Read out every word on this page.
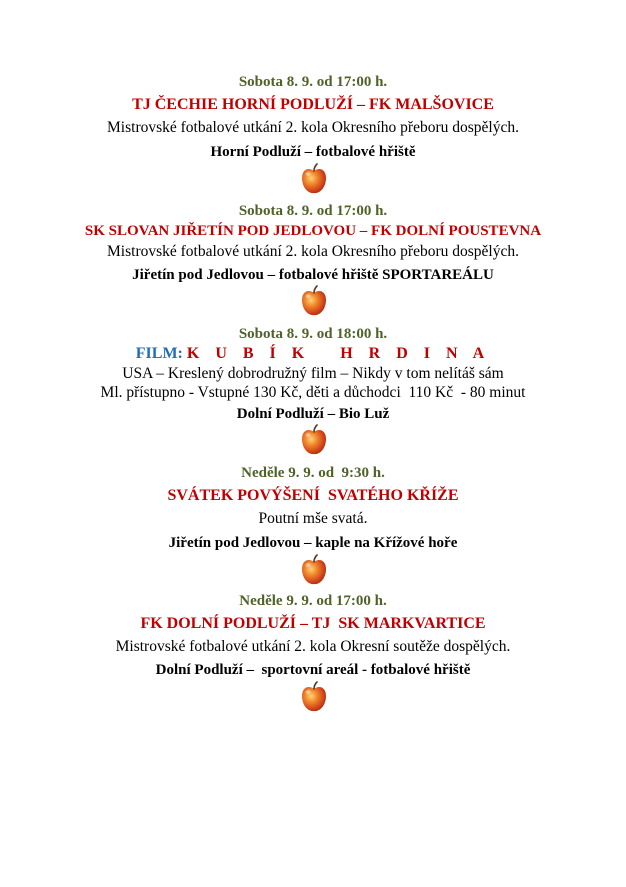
Sobota 8. 9. od 17:00 h.
TJ ČECHIE HORNÍ PODLUŽÍ – FK MALŠOVICE
Mistrovské fotbalové utkání 2. kola Okresního přeboru dospělých.
Horní Podluží – fotbalové hřiště
Sobota 8. 9. od 17:00 h.
SK SLOVAN JIŘETÍN POD JEDLOVOU – FK DOLNÍ POUSTEVNA
Mistrovské fotbalové utkání 2. kola Okresního přeboru dospělých.
Jiřetín pod Jedlovou – fotbalové hřiště SPORTAREÁLU
Sobota 8. 9. od 18:00 h.
FILM: K U B Í K   H R D I N A
USA – Kreslený dobrodružný film – Nikdy v tom nelítáš sám
Ml. přístupno - Vstupné 130 Kč, děti a důchodci  110 Kč  - 80 minut
Dolní Podluží – Bio Luž
Neděle 9. 9. od  9:30 h.
SVÁTEK POVÝŠENÍ  SVATÉHO KŘÍŽE
Poutní mše svatá.
Jiřetín pod Jedlovou – kaple na Křížové hoře
Neděle 9. 9. od 17:00 h.
FK DOLNÍ PODLUŽÍ – TJ  SK MARKVARTICE
Mistrovské fotbalové utkání 2. kola Okresní soutěže dospělých.
Dolní Podluží –  sportovní areál - fotbalové hřiště
